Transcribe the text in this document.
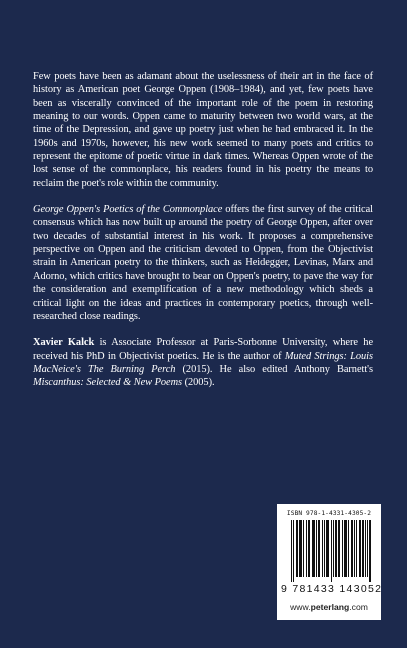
Few poets have been as adamant about the uselessness of their art in the face of history as American poet George Oppen (1908–1984), and yet, few poets have been as viscerally convinced of the important role of the poem in restoring meaning to our words. Oppen came to maturity between two world wars, at the time of the Depression, and gave up poetry just when he had embraced it. In the 1960s and 1970s, however, his new work seemed to many poets and critics to represent the epitome of poetic virtue in dark times. Whereas Oppen wrote of the lost sense of the commonplace, his readers found in his poetry the means to reclaim the poet's role within the community.

George Oppen's Poetics of the Commonplace offers the first survey of the critical consensus which has now built up around the poetry of George Oppen, after over two decades of substantial interest in his work. It proposes a comprehensive perspective on Oppen and the criticism devoted to Oppen, from the Objectivist strain in American poetry to the thinkers, such as Heidegger, Levinas, Marx and Adorno, which critics have brought to bear on Oppen's poetry, to pave the way for the consideration and exemplification of a new methodology which sheds a critical light on the ideas and practices in contemporary poetics, through well-researched close readings.

Xavier Kalck is Associate Professor at Paris-Sorbonne University, where he received his PhD in Objectivist poetics. He is the author of Muted Strings: Louis MacNeice's The Burning Perch (2015). He also edited Anthony Barnett's Miscanthus: Selected & New Poems (2005).

ISBN 978-1-4331-4305-2
9 781433 143052
www.peterlang.com
